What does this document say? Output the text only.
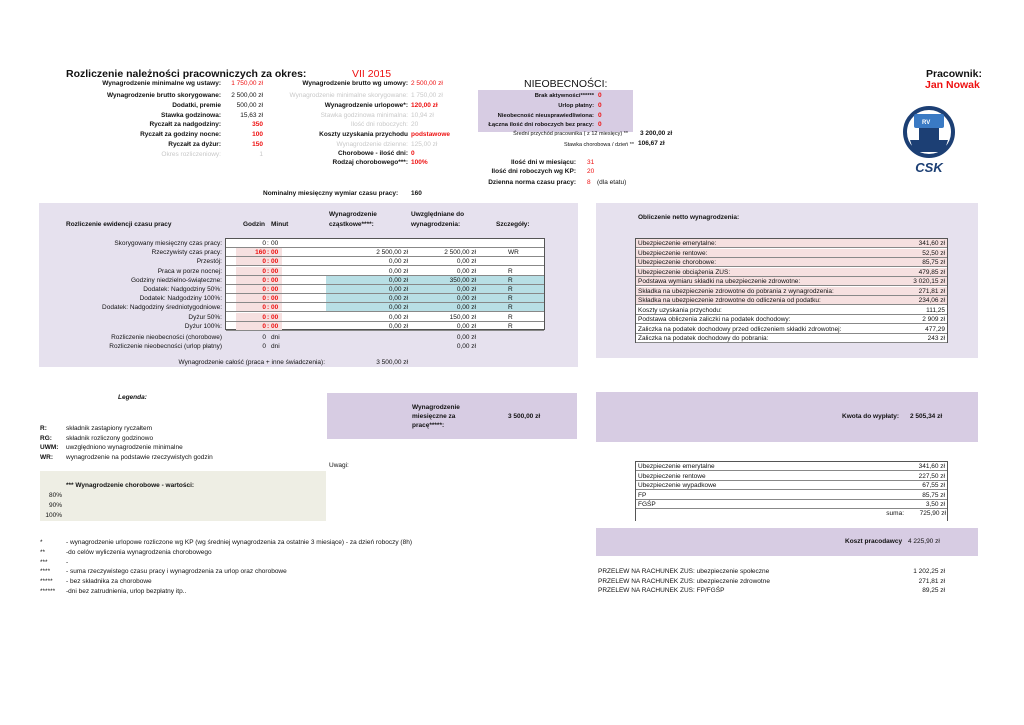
Rozliczenie należności pracowniczych za okres:	VII 2015
NIEOBECNOŚCI:
Pracownik:
Jan Nowak
Wynagrodzenie minimalne wg ustawy:	1 750,00 zł
Wynagrodzenie brutto skorygowane:	2 500,00 zł
Dodatki, premie	500,00 zł
Stawka godzinowa:	15,63 zł
Ryczałt za nadgodziny:	350
Ryczałt za godziny nocne:	100
Ryczałt za dyżur:	150
Okres rozliczeniowy:	1
Wynagrodzenie brutto wg umowy: 2 500,00 zł
Wynagrodzenie minimalne skorygowane: 1 750,00 zł
Wynagrodzenie urlopowe*: 120,00 zł
Stawka godzinowa minimalna: 10,94 zł
Ilość dni roboczych: 20
Koszty uzyskania przychodu podstawowe
Wynagrodzenie dzienne: 125,00 zł
Chorobowe - ilość dni: 0
Rodzaj chorobowego***: 100%
Brak aktywności****** 0
Urlop płatny: 0
Nieobecność nieusprawiedliwiona: 0
Łączna ilość dni roboczych bez pracy: 0
Średni przychód pracownika ( z 12 miesięcy) ** 3 200,00 zł
Stawka chorobowa / dzień ** 106,67 zł
Ilość dni w miesiącu: 31
Ilość dni roboczych wg KP: 20
Dzienna norma czasu pracy: 8 (dla etatu)
Nominalny miesięczny wymiar czasu pracy: 160
RV
CSK
Rozliczenie ewidencji czasu pracy	Godzin Minut
Wynagrodzenie
cząstkowe****:
Uwzględniane do
wynagrodzenia:	Szczegóły:
Skorygowany miesięczny czas pracy:	0 : 00
Rzeczywisty czas pracy:	160 : 00	2 500,00 zł	2 500,00 zł	WR
Przestój:	0 : 00	0,00 zł	0,00 zł
Praca w porze nocnej:	0 : 00	0,00 zł	0,00 zł	R
Godziny niedzielno-świąteczne:	0 : 00	0,00 zł	350,00 zł	R
Dodatek: Nadgodziny 50%:	0 : 00	0,00 zł	0,00 zł	R
Dodatek: Nadgodziny 100%:	0 : 00	0,00 zł	0,00 zł	R
Dodatek: Nadgodziny średniotygodniowe:	0 : 00	0,00 zł	0,00 zł	R
Dyżur 50%:	0 : 00	0,00 zł	150,00 zł	R
Dyżur 100%:	0 : 00	0,00 zł	0,00 zł	R
Rozliczenie nieobecności (chorobowe)	0 dni	0,00 zł
Rozliczenie nieobecności (urlop płatny)	0 dni	0,00 zł
Wynagrodzenie całość (praca + inne świadczenia):	3 500,00 zł
Obliczenie netto wynagrodzenia:
Ubezpieczenie emerytalne:	341,60 zł
Ubezpieczenie rentowe:	52,50 zł
Ubezpieczenie chorobowe:	85,75 zł
Ubezpieczenie obciążenia ZUS:	479,85 zł
Podstawa wymiaru składki na ubezpieczenie zdrowotne:	3 020,15 zł
Składka na ubezpieczenie zdrowotne do pobrania z wynagrodzenia:	271,81 zł
Składka na ubezpieczenie zdrowotne do odliczenia od podatku:	234,06 zł
Koszty uzyskania przychodu:	111,25
Podstawa obliczenia zaliczki na podatek dochodowy:	2 909 zł
Zaliczka na podatek dochodowy przed odliczeniem składki zdrowotnej:	477,29
Zaliczka na podatek dochodowy do pobrania:	243 zł
Legenda:
R:	składnik zastąpiony ryczałtem
RG: składnik rozliczony godzinowo
UWM: uwzględniono wynagrodzenie minimalne
WR: wynagrodzenie na podstawie rzeczywistych godzin
Wynagrodzenie
miesięczne za
pracę*****:
3 500,00 zł	Kwota do wypłaty: 2 505,34 zł
Uwagi:
*** Wynagrodzenie chorobowe - wartości:
80%
90%
100%
Ubezpieczenie emerytalne	341,60 zł
Ubezpieczenie rentowe	227,50 zł
Ubezpieczenie wypadkowe	67,55 zł
FP	85,75 zł
FGŚP	3,50 zł
suma:	725,90 zł
Koszt pracodawcy 4 225,90 zł
*	- wynagrodzenie urlopowe rozliczone wg KP (wg średniej wynagrodzenia za ostatnie 3 miesiące) - za dzień roboczy (8h)
**	-do celów wyliczenia wynagrodzenia chorobowego
***	-
**** - suma rzeczywistego czasu pracy i wynagrodzenia za urlop oraz chorobowe
***** - bez składnika za chorobowe
****** -dni bez zatrudnienia, urlop bezpłatny itp..
PRZELEW NA RACHUNEK ZUS: ubezpieczenie społeczne	1 202,25 zł
PRZELEW NA RACHUNEK ZUS: ubezpieczenie zdrowotne	271,81 zł
PRZELEW NA RACHUNEK ZUS: FP/FGŚP	89,25 zł
